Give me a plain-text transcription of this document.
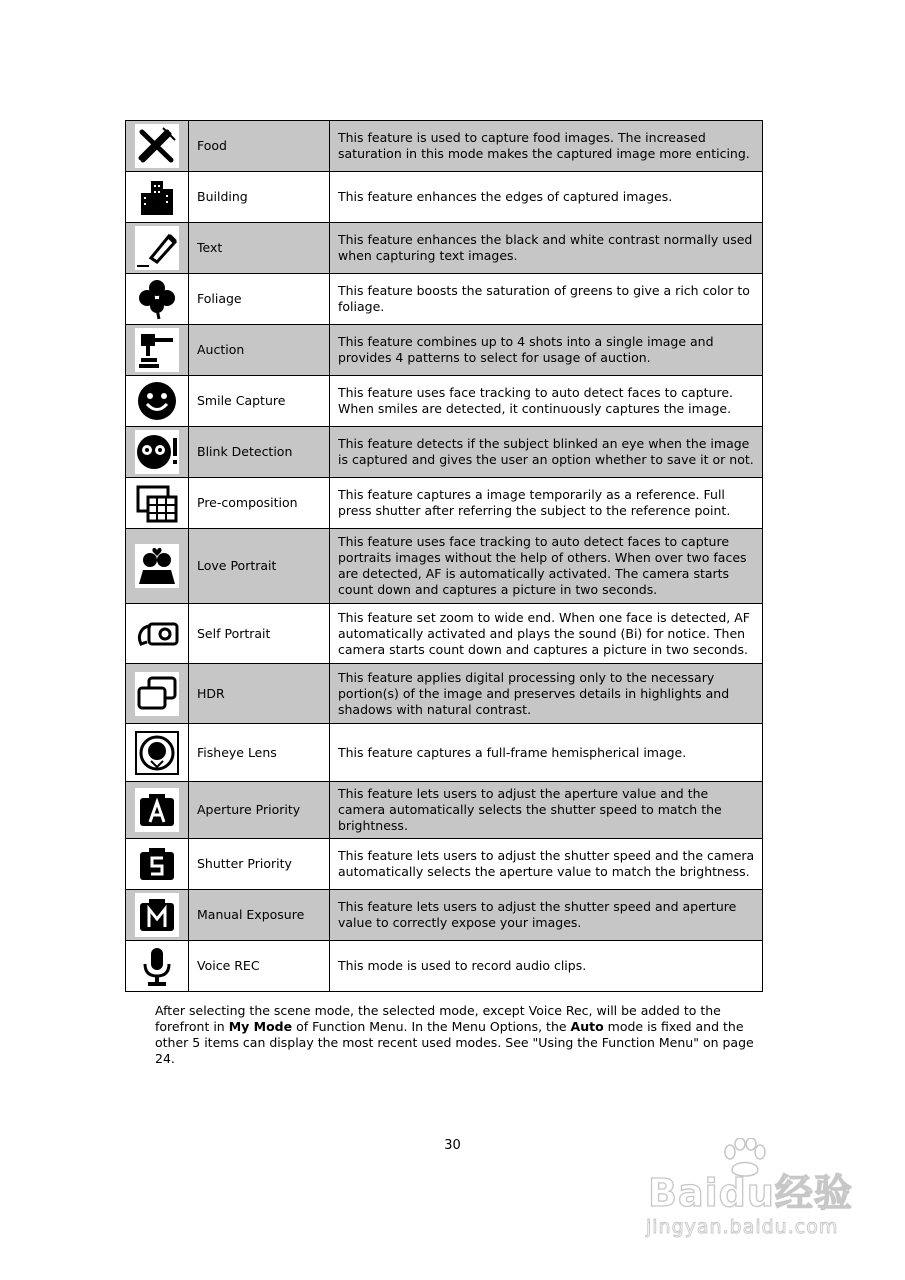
	Food	This feature is used to capture food images. The increased saturation in this mode makes the captured image more enticing.

	Building	This feature enhances the edges of captured images.

	Text	This feature enhances the black and white contrast normally used when capturing text images.

	Foliage	This feature boosts the saturation of greens to give a rich color to foliage.

	Auction	This feature combines up to 4 shots into a single image and provides 4 patterns to select for usage of auction.

	Smile Capture	This feature uses face tracking to auto detect faces to capture. When smiles are detected, it continuously captures the image.

	Blink Detection	This feature detects if the subject blinked an eye when the image is captured and gives the user an option whether to save it or not.

	Pre-composition	This feature captures a image temporarily as a reference. Full press shutter after referring the subject to the reference point.

	Love Portrait	This feature uses face tracking to auto detect faces to capture portraits images without the help of others. When over two faces are detected, AF is automatically activated. The camera starts count down and captures a picture in two seconds.

	Self Portrait	This feature set zoom to wide end. When one face is detected, AF automatically activated and plays the sound (Bi) for notice. Then camera starts count down and captures a picture in two seconds.

	HDR	This feature applies digital processing only to the necessary portion(s) of the image and preserves details in highlights and shadows with natural contrast.

	Fisheye Lens	This feature captures a full-frame hemispherical image.

	Aperture Priority	This feature lets users to adjust the aperture value and the camera automatically selects the shutter speed to match the brightness.

	Shutter Priority	This feature lets users to adjust the shutter speed and the camera automatically selects the aperture value to match the brightness.

	Manual Exposure	This feature lets users to adjust the shutter speed and aperture value to correctly expose your images.

	Voice REC	This mode is used to record audio clips.

After selecting the scene mode, the selected mode, except Voice Rec, will be added to the forefront in My Mode of Function Menu. In the Menu Options, the Auto mode is fixed and the other 5 items can display the most recent used modes. See "Using the Function Menu" on page 24.

30
Baidu经验
jingyan.baidu.com
